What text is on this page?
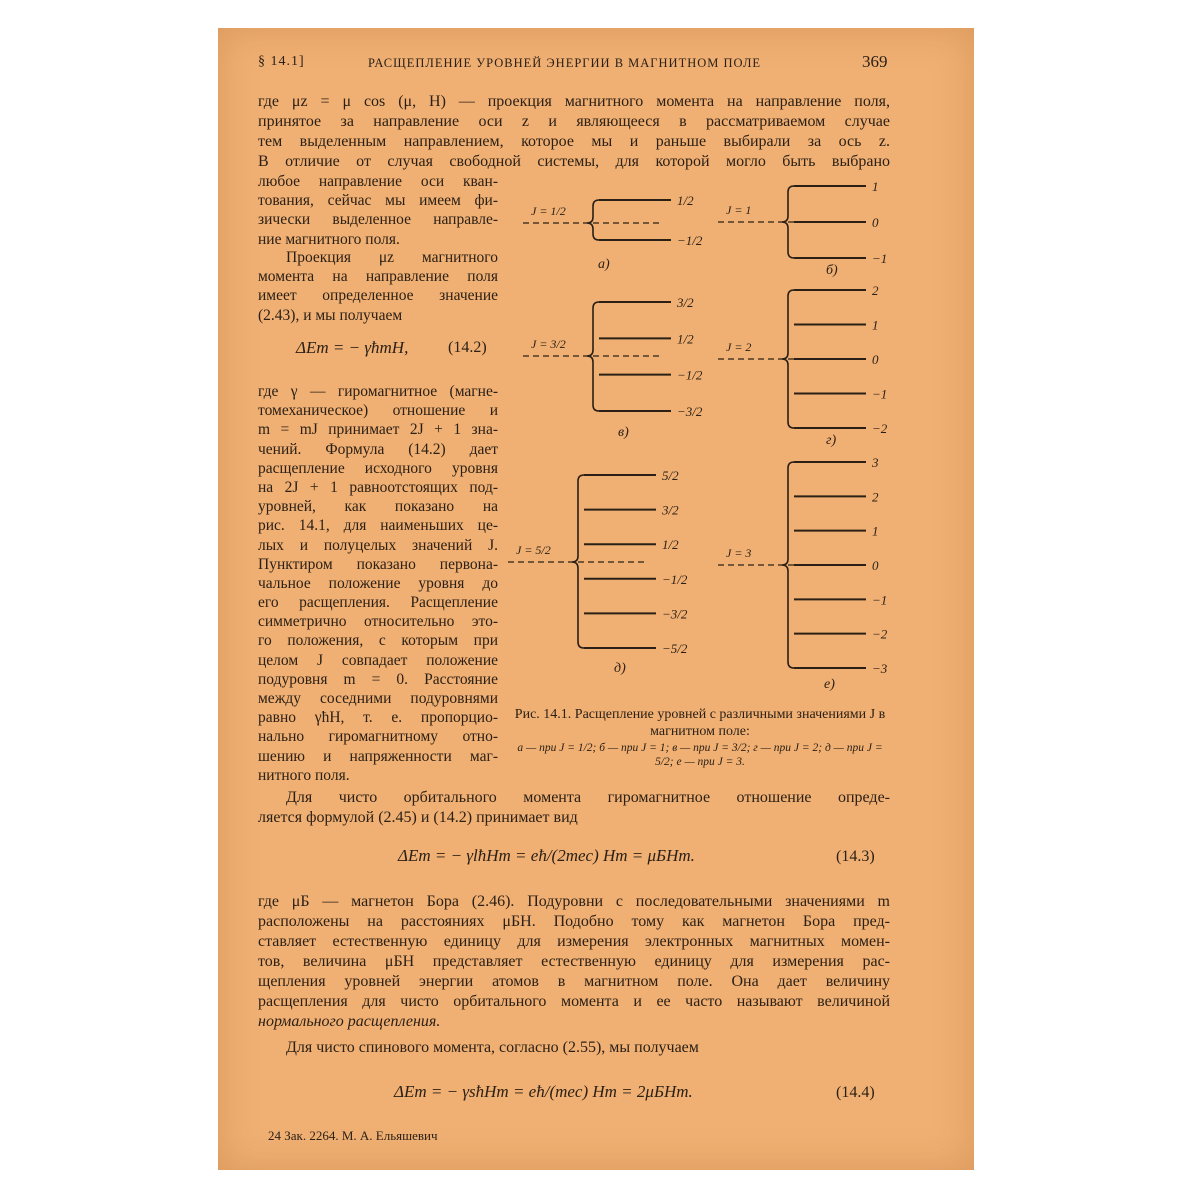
§ 14.1]	РАСЩЕПЛЕНИЕ УРОВНЕЙ ЭНЕРГИИ В МАГНИТНОМ ПОЛЕ	369
где μz = μ cos (μ, H) — проекция магнитного момента на направление поля,
принятое за направление оси z и являющееся в рассматриваемом случае
тем выделенным направлением, которое мы и раньше выбирали за ось z.
В отличие от случая свободной системы, для которой могло быть выбрано
любое направление оси кван-
тования, сейчас мы имеем фи-
зически выделенное направле-
ние магнитного поля.
Проекция μz магнитного
момента на направление поля
имеет определенное значение
(2.43), и мы получаем
ΔEm = − γħmH, (14.2)
где γ — гиромагнитное (магне-
томеханическое) отношение и
m = mJ принимает 2J + 1 зна-
чений. Формула (14.2) дает
расщепление исходного уровня
на 2J + 1 равноотстоящих под-
уровней, как показано на
рис. 14.1, для наименьших це-
лых и полуцелых значений J.
Пунктиром показано первона-
чальное положение уровня до
его расщепления. Расщепление
симметрично относительно это-
го положения, с которым при
целом J совпадает положение
подуровня m = 0. Расстояние
между соседними подуровнями
равно γħH, т. е. пропорцио-
нально гиромагнитному отно-
шению и напряженности маг-
нитного поля.
J = 1/2
1/2
−1/2
а)
J = 1
1
0
−1
б)
J = 3/2
3/2
1/2
−1/2
−3/2
в)
J = 2
2
1
0
−1
−2
г)
J = 5/2
5/2
3/2
1/2
−1/2
−3/2
−5/2
д)
J = 3
3
2
1
0
−1
−2
−3
е)
Рис. 14.1. Расщепление уровней с различными значениями J в магнитном поле:
а — при J = 1/2; б — при J = 1; в — при J = 3/2; г — при J = 2; д — при J = 5/2; е — при J = 3.
Для чисто орбитального момента гиромагнитное отношение опреде-
ляется формулой (2.45) и (14.2) принимает вид
ΔEm = − γlħHm = eħ/(2mec) Hm = μБHm.	(14.3)
где μБ — магнетон Бора (2.46). Подуровни с последовательными значениями m
расположены на расстояниях μБH. Подобно тому как магнетон Бора пред-
ставляет естественную единицу для измерения электронных магнитных момен-
тов, величина μБH представляет естественную единицу для измерения рас-
щепления уровней энергии атомов в магнитном поле. Она дает величину
расщепления для чисто орбитального момента и ее часто называют величиной
нормального расщепления.
Для чисто спинового момента, согласно (2.55), мы получаем
ΔEm = − γsħHm = eħ/(mec) Hm = 2μБHm.	(14.4)
24 Зак. 2264. М. А. Ельяшевич
